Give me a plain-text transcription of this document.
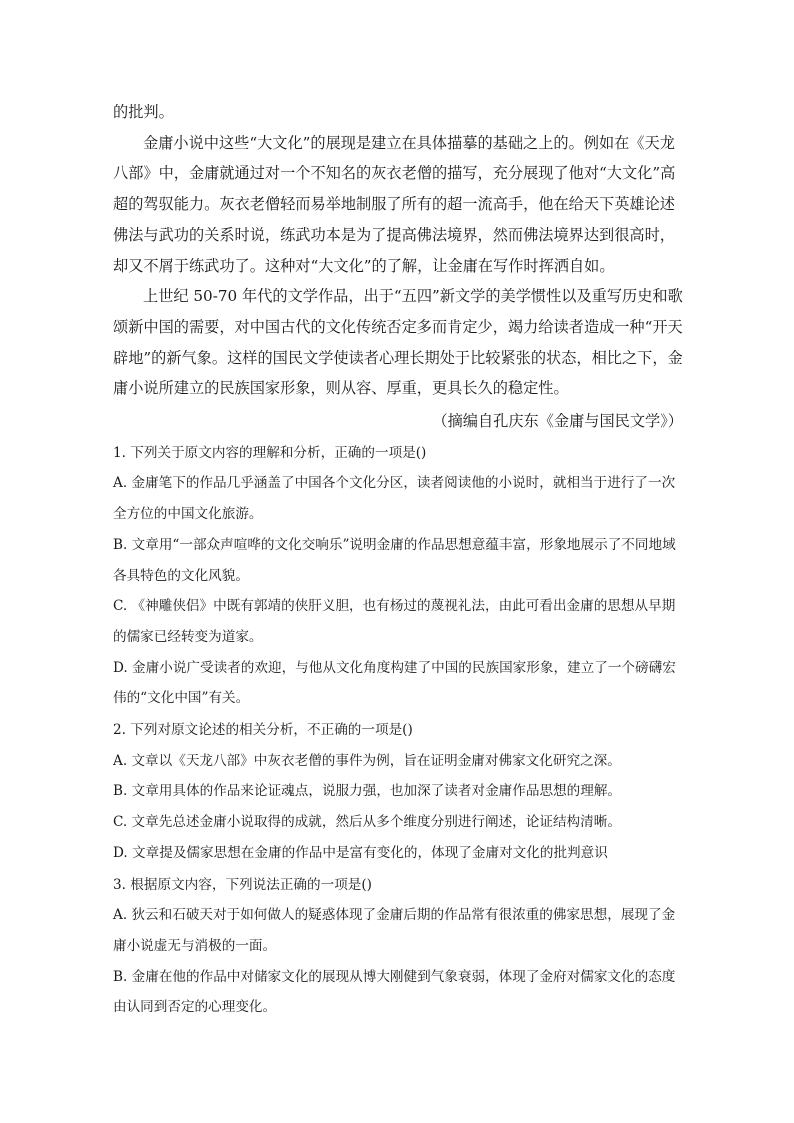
的批判。

金庸小说中这些“大文化”的展现是建立在具体描摹的基础之上的。例如在《天龙八部》中，金庸就通过对一个不知名的灰衣老僧的描写，充分展现了他对“大文化”高超的驾驭能力。灰衣老僧轻而易举地制服了所有的超一流高手，他在给天下英雄论述佛法与武功的关系时说，练武功本是为了提高佛法境界，然而佛法境界达到很高时，却又不屑于练武功了。这种对“大文化”的了解，让金庸在写作时挥洒自如。

上世纪 50-70 年代的文学作品，出于“五四”新文学的美学惯性以及重写历史和歌颂新中国的需要，对中国古代的文化传统否定多而肯定少，竭力给读者造成一种“开天辟地”的新气象。这样的国民文学使读者心理长期处于比较紧张的状态，相比之下，金庸小说所建立的民族国家形象，则从容、厚重，更具长久的稳定性。

（摘编自孔庆东《金庸与国民文学》）

1. 下列关于原文内容的理解和分析，正确的一项是()

A. 金庸笔下的作品几乎涵盖了中国各个文化分区，读者阅读他的小说时，就相当于进行了一次全方位的中国文化旅游。

B. 文章用“一部众声喧哗的文化交响乐”说明金庸的作品思想意蕴丰富，形象地展示了不同地域各具特色的文化风貌。

C. 《神雕侠侣》中既有郭靖的侠肝义胆，也有杨过的蔑视礼法，由此可看出金庸的思想从早期的儒家已经转变为道家。

D. 金庸小说广受读者的欢迎，与他从文化角度构建了中国的民族国家形象，建立了一个磅礴宏伟的“文化中国”有关。

2. 下列对原文论述的相关分析，不正确的一项是()

A. 文章以《天龙八部》中灰衣老僧的事件为例，旨在证明金庸对佛家文化研究之深。

B. 文章用具体的作品来论证魂点，说服力强，也加深了读者对金庸作品思想的理解。

C. 文章先总述金庸小说取得的成就，然后从多个维度分别进行阐述，论证结构清晰。

D. 文章提及儒家思想在金庸的作品中是富有变化的，体现了金庸对文化的批判意识

3. 根据原文内容，下列说法正确的一项是()

A. 狄云和石破天对于如何做人的疑惑体现了金庸后期的作品常有很浓重的佛家思想，展现了金庸小说虚无与消极的一面。

B. 金庸在他的作品中对储家文化的展现从博大刚健到气象衰弱，体现了金府对儒家文化的态度由认同到否定的心理变化。
